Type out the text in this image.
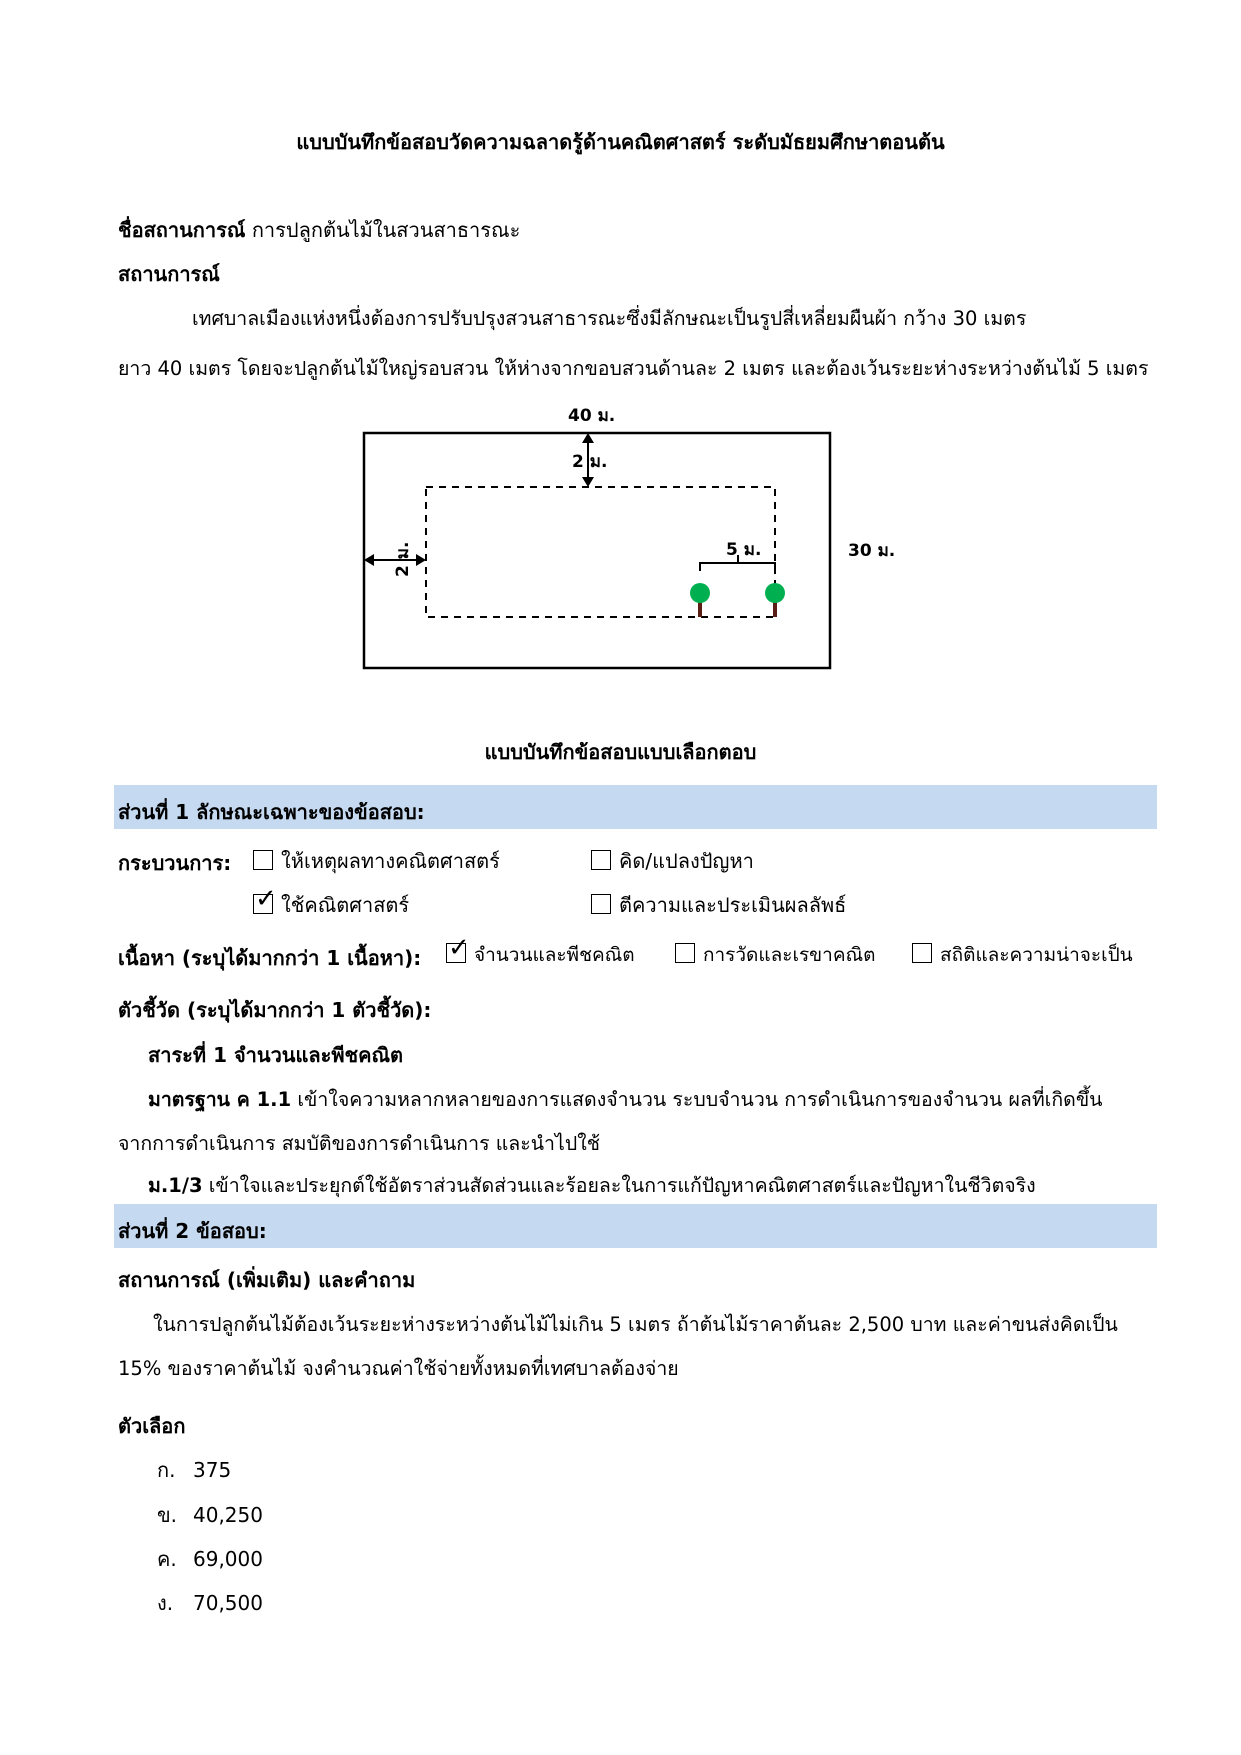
แบบบันทึกข้อสอบวัดความฉลาดรู้ด้านคณิตศาสตร์ ระดับมัธยมศึกษาตอนต้น
ชื่อสถานการณ์ การปลูกต้นไม้ในสวนสาธารณะ
สถานการณ์
เทศบาลเมืองแห่งหนึ่งต้องการปรับปรุงสวนสาธารณะซึ่งมีลักษณะเป็นรูปสี่เหลี่ยมผืนผ้า กว้าง 30 เมตร
ยาว 40 เมตร โดยจะปลูกต้นไม้ใหญ่รอบสวน ให้ห่างจากขอบสวนด้านละ 2 เมตร และต้องเว้นระยะห่างระหว่างต้นไม้ 5 เมตร
40 ม.
2 ม.
2 ม.	5 ม.	30 ม.
แบบบันทึกข้อสอบแบบเลือกตอบ
ส่วนที่ 1 ลักษณะเฉพาะของข้อสอบ:
กระบวนการ:	ให้เหตุผลทางคณิตศาสตร์	คิด/แปลงปัญหา
✓ ใช้คณิตศาสตร์	ตีความและประเมินผลลัพธ์
เนื้อหา (ระบุได้มากกว่า 1 เนื้อหา): ✓ จำนวนและพีชคณิต	การวัดและเรขาคณิต	สถิติและความน่าจะเป็น
ตัวชี้วัด (ระบุได้มากกว่า 1 ตัวชี้วัด):
สาระที่ 1 จำนวนและพีชคณิต
มาตรฐาน ค 1.1 เข้าใจความหลากหลายของการแสดงจำนวน ระบบจำนวน การดำเนินการของจำนวน ผลที่เกิดขึ้น
จากการดำเนินการ สมบัติของการดำเนินการ และนำไปใช้
ม.1/3 เข้าใจและประยุกต์ใช้อัตราส่วนสัดส่วนและร้อยละในการแก้ปัญหาคณิตศาสตร์และปัญหาในชีวิตจริง
ส่วนที่ 2 ข้อสอบ:
สถานการณ์ (เพิ่มเติม) และคำถาม
ในการปลูกต้นไม้ต้องเว้นระยะห่างระหว่างต้นไม้ไม่เกิน 5 เมตร ถ้าต้นไม้ราคาต้นละ 2,500 บาท และค่าขนส่งคิดเป็น
15% ของราคาต้นไม้ จงคำนวณค่าใช้จ่ายทั้งหมดที่เทศบาลต้องจ่าย
ตัวเลือก
ก. 375
ข. 40,250
ค. 69,000
ง. 70,500
